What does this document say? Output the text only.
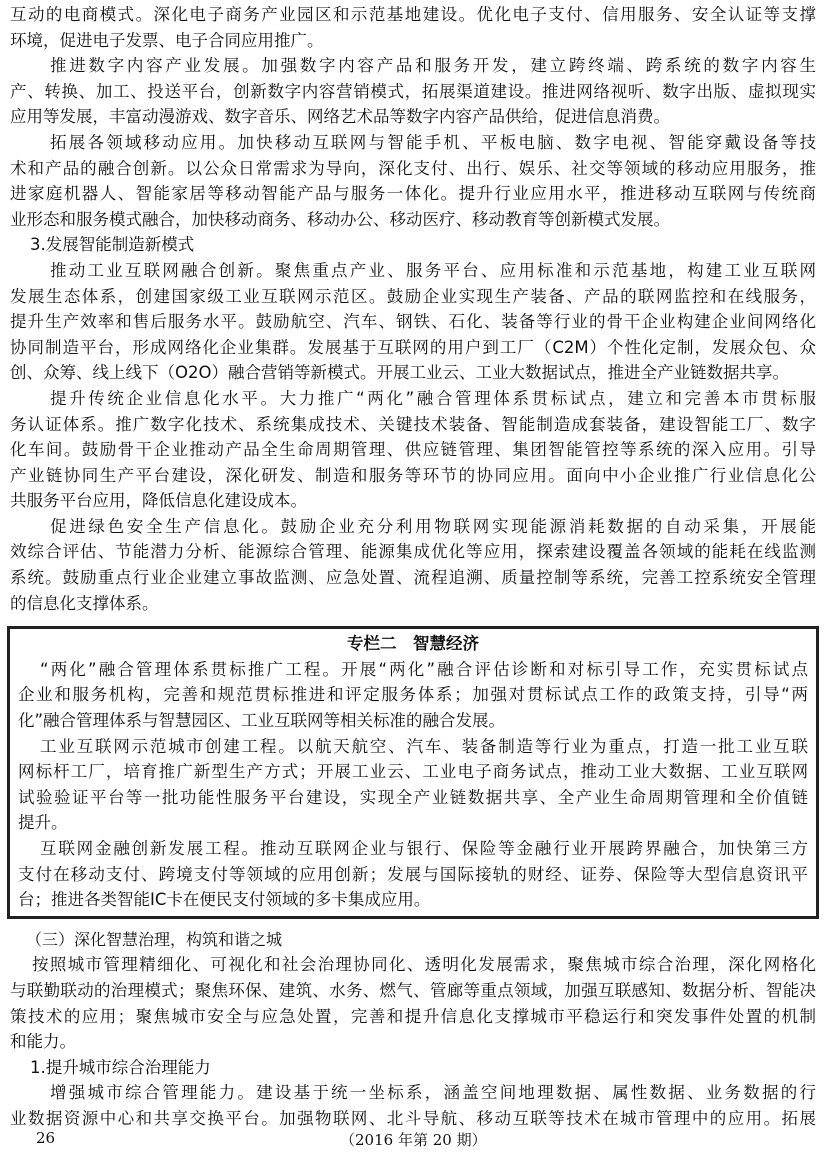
互动的电商模式。深化电子商务产业园区和示范基地建设。优化电子支付、信用服务、安全认证等支撑
环境，促进电子发票、电子合同应用推广。
推进数字内容产业发展。加强数字内容产品和服务开发，建立跨终端、跨系统的数字内容生
产、转换、加工、投送平台，创新数字内容营销模式，拓展渠道建设。推进网络视听、数字出版、虚拟现实
应用等发展，丰富动漫游戏、数字音乐、网络艺术品等数字内容产品供给，促进信息消费。
拓展各领域移动应用。加快移动互联网与智能手机、平板电脑、数字电视、智能穿戴设备等技
术和产品的融合创新。以公众日常需求为导向，深化支付、出行、娱乐、社交等领域的移动应用服务，推
进家庭机器人、智能家居等移动智能产品与服务一体化。提升行业应用水平，推进移动互联网与传统商
业形态和服务模式融合，加快移动商务、移动办公、移动医疗、移动教育等创新模式发展。
3.发展智能制造新模式
推动工业互联网融合创新。聚焦重点产业、服务平台、应用标准和示范基地，构建工业互联网
发展生态体系，创建国家级工业互联网示范区。鼓励企业实现生产装备、产品的联网监控和在线服务，
提升生产效率和售后服务水平。鼓励航空、汽车、钢铁、石化、装备等行业的骨干企业构建企业间网络化
协同制造平台，形成网络化企业集群。发展基于互联网的用户到工厂（C2M）个性化定制，发展众包、众
创、众筹、线上线下（O2O）融合营销等新模式。开展工业云、工业大数据试点，推进全产业链数据共享。
提升传统企业信息化水平。大力推广“两化”融合管理体系贯标试点，建立和完善本市贯标服
务认证体系。推广数字化技术、系统集成技术、关键技术装备、智能制造成套装备，建设智能工厂、数字
化车间。鼓励骨干企业推动产品全生命周期管理、供应链管理、集团智能管控等系统的深入应用。引导
产业链协同生产平台建设，深化研发、制造和服务等环节的协同应用。面向中小企业推广行业信息化公
共服务平台应用，降低信息化建设成本。
促进绿色安全生产信息化。鼓励企业充分利用物联网实现能源消耗数据的自动采集，开展能
效综合评估、节能潜力分析、能源综合管理、能源集成优化等应用，探索建设覆盖各领域的能耗在线监测
系统。鼓励重点行业企业建立事故监测、应急处置、流程追溯、质量控制等系统，完善工控系统安全管理
的信息化支撑体系。
专栏二　智慧经济
“两化”融合管理体系贯标推广工程。开展“两化”融合评估诊断和对标引导工作，充实贯标试点
企业和服务机构，完善和规范贯标推进和评定服务体系；加强对贯标试点工作的政策支持，引导“两
化”融合管理体系与智慧园区、工业互联网等相关标准的融合发展。
工业互联网示范城市创建工程。以航天航空、汽车、装备制造等行业为重点，打造一批工业互联
网标杆工厂，培育推广新型生产方式；开展工业云、工业电子商务试点，推动工业大数据、工业互联网
试验验证平台等一批功能性服务平台建设，实现全产业链数据共享、全产业生命周期管理和全价值链
提升。
互联网金融创新发展工程。推动互联网企业与银行、保险等金融行业开展跨界融合，加快第三方
支付在移动支付、跨境支付等领域的应用创新；发展与国际接轨的财经、证券、保险等大型信息资讯平
台；推进各类智能IC卡在便民支付领域的多卡集成应用。
（三）深化智慧治理，构筑和谐之城
按照城市管理精细化、可视化和社会治理协同化、透明化发展需求，聚焦城市综合治理，深化网格化
与联勤联动的治理模式；聚焦环保、建筑、水务、燃气、管廊等重点领域，加强互联感知、数据分析、智能决
策技术的应用；聚焦城市安全与应急处置，完善和提升信息化支撑城市平稳运行和突发事件处置的机制
和能力。
1.提升城市综合治理能力
增强城市综合管理能力。建设基于统一坐标系，涵盖空间地理数据、属性数据、业务数据的行
业数据资源中心和共享交换平台。加强物联网、北斗导航、移动互联等技术在城市管理中的应用。拓展
26	（2016 年第 20 期）
